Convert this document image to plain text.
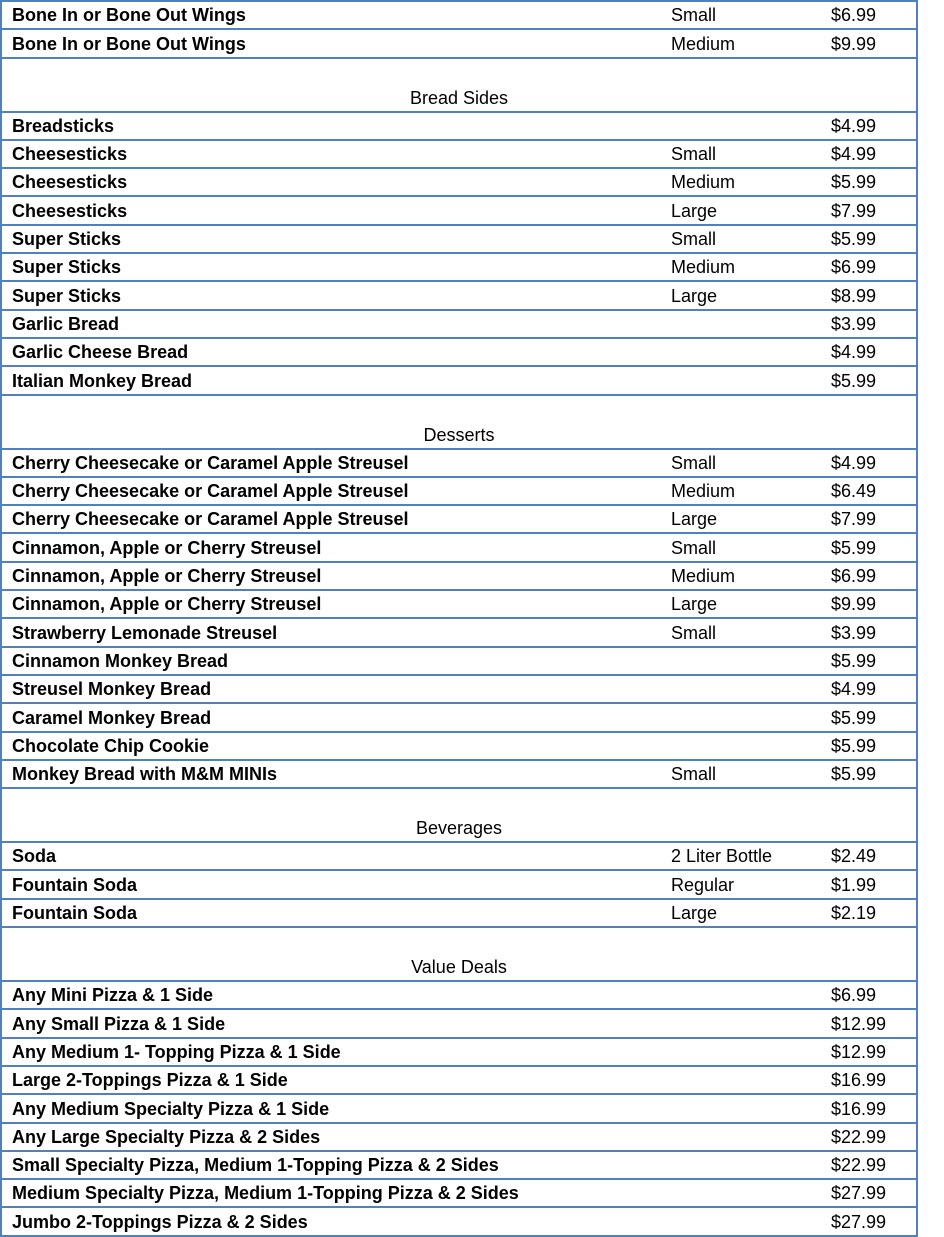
Bone In or Bone Out Wings	Small	$6.99
Bone In or Bone Out Wings	Medium	$9.99

Bread Sides		
Breadsticks		$4.99
Cheesesticks	Small	$4.99
Cheesesticks	Medium	$5.99
Cheesesticks	Large	$7.99
Super Sticks	Small	$5.99
Super Sticks	Medium	$6.99
Super Sticks	Large	$8.99
Garlic Bread		$3.99
Garlic Cheese Bread		$4.99
Italian Monkey Bread		$5.99

Desserts		
Cherry Cheesecake or Caramel Apple Streusel	Small	$4.99
Cherry Cheesecake or Caramel Apple Streusel	Medium	$6.49
Cherry Cheesecake or Caramel Apple Streusel	Large	$7.99
Cinnamon, Apple or Cherry Streusel	Small	$5.99
Cinnamon, Apple or Cherry Streusel	Medium	$6.99
Cinnamon, Apple or Cherry Streusel	Large	$9.99
Strawberry Lemonade Streusel	Small	$3.99
Cinnamon Monkey Bread		$5.99
Streusel Monkey Bread		$4.99
Caramel Monkey Bread		$5.99
Chocolate Chip Cookie		$5.99
Monkey Bread with M&M MINIs	Small	$5.99

Beverages		
Soda	2 Liter Bottle	$2.49
Fountain Soda	Regular	$1.99
Fountain Soda	Large	$2.19

Value Deals		
Any Mini Pizza & 1 Side		$6.99
Any Small Pizza & 1 Side		$12.99
Any Medium 1- Topping Pizza & 1 Side		$12.99
Large 2-Toppings Pizza & 1 Side		$16.99
Any Medium Specialty Pizza & 1 Side		$16.99
Any Large Specialty Pizza & 2 Sides		$22.99
Small Specialty Pizza, Medium 1-Topping Pizza & 2 Sides		$22.99
Medium Specialty Pizza, Medium 1-Topping Pizza & 2 Sides		$27.99
Jumbo 2-Toppings Pizza & 2 Sides		$27.99
